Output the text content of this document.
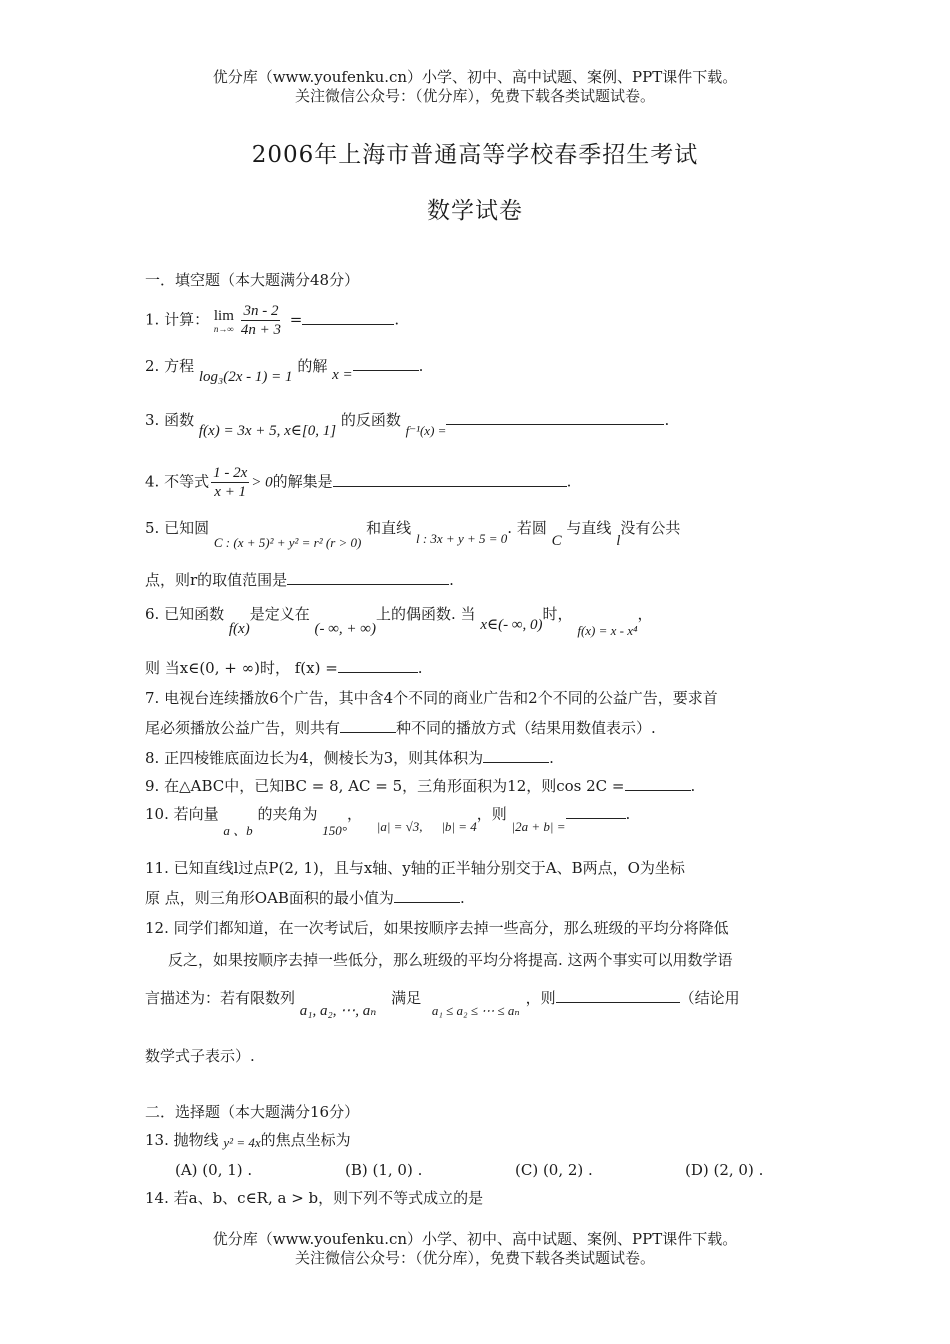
优分库（www.youfenku.cn）小学、初中、高中试题、案例、PPT课件下载。
关注微信公众号：（优分库），免费下载各类试题试卷。
2006年上海市普通高等学校春季招生考试
数学试卷
一．填空题（本大题满分48分）
1. 计算： lim
$n\to\infty \frac{3n - 2}{4n + 3}$ =	.
2. 方程 log₃(2x - 1) = 1 的解 x =	.
3. 函数 f(x) = 3x + 5, x∈[0, 1] 的反函数 f⁻¹(x) =.
4. 不等式 $\frac{1 - 2x}{x + 1} > 0$的解集是	.
5. 已知圆 C : (x + 5)² + y² = r² (r > 0) 和直线 l : 3x + y + 5 = 0. 若圆 C 与直线 l没有公共
点，则r的取值范围是	.
6. 已知函数 f(x)是定义在 (- ∞, + ∞)上的偶函数. 当 x∈(- ∞, 0)时， f(x) = x - x⁴，
则 当x∈(0, + ∞)时， f(x) =	.
7. 电视台连续播放6个广告，其中含4个不同的商业广告和2个不同的公益广告，要求首
尾必须播放公益广告，则共有	种不同的播放方式（结果用数值表示）.
8. 正四棱锥底面边长为4，侧棱长为3，则其体积为	.
9. 在△ABC中，已知BC = 8, AC = 5，三角形面积为12，则cos 2C =	.
10. 若向量 a 、b 的夹角为 150°， |a| = √3, |b| = 4，则 |2a + b| =.
11. 已知直线l过点P(2, 1)，且与x轴、y轴的正半轴分别交于A、B两点，O为坐标
原 点，则三角形OAB面积的最小值为	.
12. 同学们都知道，在一次考试后，如果按顺序去掉一些高分，那么班级的平均分将降低
反之，如果按顺序去掉一些低分，那么班级的平均分将提高. 这两个事实可以用数学语
言描述为：若有限数列 a₁, a₂, ⋯, aₙ 满足 a₁ ≤ a₂ ≤ ⋯ ≤ aₙ，则	（结论用
数学式子表示）.
二．选择题（本大题满分16分）
13. 抛物线 y² = 4x的焦点坐标为
(A) (0, 1) .	(B) (1, 0) .	(C) (0, 2) .	(D) (2, 0) .
14. 若a、b、c∈R, a > b，则下列不等式成立的是
优分库（www.youfenku.cn）小学、初中、高中试题、案例、PPT课件下载。
关注微信公众号：（优分库），免费下载各类试题试卷。
